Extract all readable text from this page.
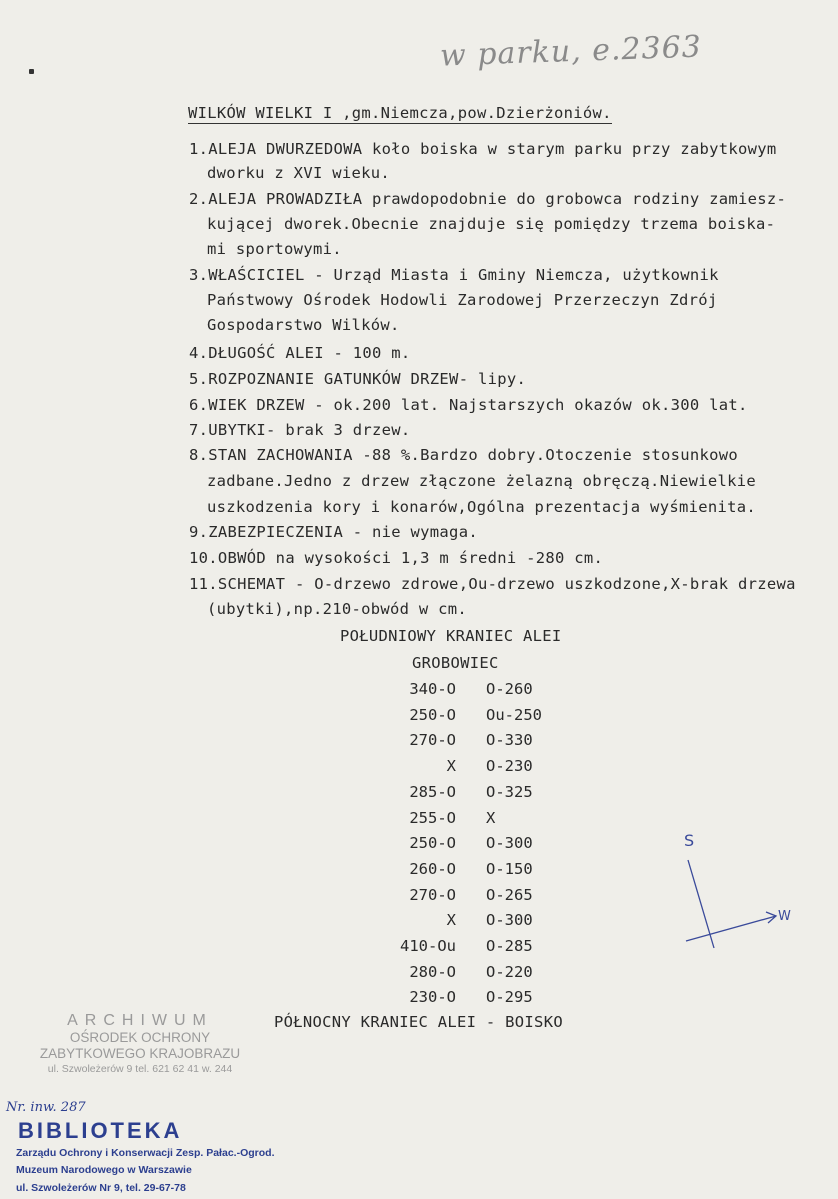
w parku, e.2363
WILKÓW WIELKI I ,gm.Niemcza,pow.Dzierżoniów.
1.ALEJA DWURZEDOWA koło boiska w starym parku przy zabytkowym
dworku z XVI wieku.
2.ALEJA PROWADZIŁA prawdopodobnie do grobowca rodziny zamiesz-
kującej dworek.Obecnie znajduje się pomiędzy trzema boiska-
mi sportowymi.
3.WŁAŚCICIEL - Urząd Miasta i Gminy Niemcza, użytkownik
Państwowy Ośrodek Hodowli Zarodowej Przerzeczyn Zdrój
Gospodarstwo Wilków.
4.DŁUGOŚĆ ALEI - 100 m.
5.ROZPOZNANIE GATUNKÓW DRZEW- lipy.
6.WIEK DRZEW - ok.200 lat. Najstarszych okazów ok.300 lat.
7.UBYTKI- brak 3 drzew.
8.STAN ZACHOWANIA -88 %.Bardzo dobry.Otoczenie stosunkowo
zadbane.Jedno z drzew złączone żelazną obręczą.Niewielkie
uszkodzenia kory i konarów,Ogólna prezentacja wyśmienita.
9.ZABEZPIECZENIA - nie wymaga.
10.OBWÓD na wysokości 1,3 m średni -280 cm.
11.SCHEMAT - O-drzewo zdrowe,Ou-drzewo uszkodzone,X-brak drzewa
(ubytki),np.210-obwód w cm.
POŁUDNIOWY KRANIEC ALEI
GROBOWIEC
340-O O-260
250-O Ou-250
270-O O-330
X O-230
285-O O-325
255-O X
250-O O-300
260-O O-150
270-O O-265
X O-300
410-Ou O-285
280-O O-220
230-O O-295
PÓŁNOCNY KRANIEC ALEI - BOISKO
S
W
ARCHIWUM
OŚRODEK OCHRONY
ZABYTKOWEGO KRAJOBRAZU
ul. Szwoleżerów 9 tel. 621 62 41 w. 244
Nr. inw. 287
BIBLIOTEKA
Zarządu Ochrony i Konserwacji Zesp. Pałac.-Ogrod.
Muzeum Narodowego w Warszawie
ul. Szwoleżerów Nr 9, tel. 29-67-78
